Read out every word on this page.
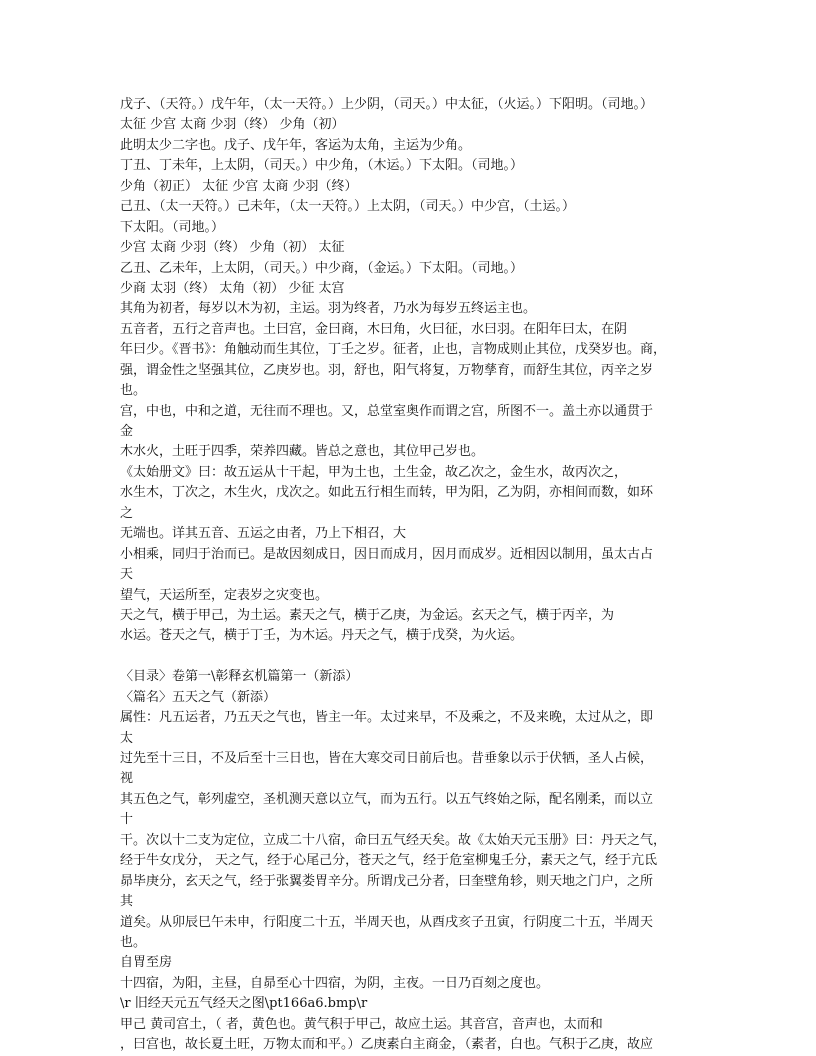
戊子、（天符。）戊午年，（太一天符。）上少阴，（司天。）中太征，（火运。）下阳明。（司地。）
太征 少宫 太商 少羽（终） 少角（初）
此明太少二字也。戊子、戊午年，客运为太角，主运为少角。
丁丑、丁未年，上太阴，（司天。）中少角，（木运。）下太阳。（司地。）
少角（初正） 太征 少宫 太商 少羽（终）
己丑、（太一天符。）己未年，（太一天符。）上太阴，（司天。）中少宫，（土运。）
下太阳。（司地。）
少宫 太商 少羽（终） 少角（初） 太征
乙丑、乙未年，上太阴，（司天。）中少商，（金运。）下太阳。（司地。）
少商 太羽（终） 太角（初） 少征 太宫
其角为初者，每岁以木为初，主运。羽为终者，乃水为每岁五终运主也。
五音者，五行之音声也。土曰宫，金曰商，木曰角，火曰征，水曰羽。在阳年曰太，在阴
年曰少。《晋书》：角触动而生其位，丁壬之岁。征者，止也，言物成则止其位，戊癸岁也。商，
强，谓金性之坚强其位，乙庚岁也。羽，舒也，阳气将复，万物孳育，而舒生其位，丙辛之岁
也。
宫，中也，中和之道，无往而不理也。又，总堂室奥作而谓之宫，所图不一。盖土亦以通贯于
金
木水火，土旺于四季，荣养四藏。皆总之意也，其位甲己岁也。
《太始册文》曰：故五运从十干起，甲为土也，土生金，故乙次之，金生水，故丙次之，
水生木，丁次之，木生火，戊次之。如此五行相生而转，甲为阳，乙为阴，亦相间而数，如环
之
无端也。详其五音、五运之由者，乃上下相召，大
小相乘，同归于治而已。是故因刻成日，因日而成月，因月而成岁。近相因以制用，虽太古占
天
望气，天运所至，定表岁之灾变也。
天之气，横于甲己，为土运。素天之气，横于乙庚，为金运。玄天之气，横于丙辛，为
水运。苍天之气，横于丁壬，为木运。丹天之气，横于戊癸，为火运。
〈目录〉卷第一\彰释玄机篇第一（新添）
〈篇名〉五天之气（新添）
属性：凡五运者，乃五天之气也，皆主一年。太过来早，不及乘之，不及来晚，太过从之，即
太
过先至十三日，不及后至十三日也，皆在大寒交司日前后也。昔垂象以示于伏牺，圣人占候，
视
其五色之气，彰列虚空，圣机测天意以立气，而为五行。以五气终始之际，配名刚柔，而以立
十
干。次以十二支为定位，立成二十八宿，命曰五气经天矣。故《太始天元玉册》曰：丹天之气，
经于牛女戊分， 天之气，经于心尾己分，苍天之气，经于危室柳鬼壬分，素天之气，经于亢氐
昴毕庚分，玄天之气，经于张翼娄胃辛分。所谓戊己分者，曰奎壁角轸，则天地之门户，之所
其
道矣。从卯辰巳午未申，行阳度二十五，半周天也，从酉戌亥子丑寅，行阴度二十五，半周天
也。
自胃至房
十四宿，为阳，主昼，自昴至心十四宿，为阴，主夜。一日乃百刻之度也。
\r 旧经天元五气经天之图\pt166a6.bmp\r
甲己 黄司宫土，（ 者，黄色也。黄气积于甲己，故应土运。其音宫，音声也，太而和
，曰宫也，故长夏土旺，万物太而和平。）乙庚素白主商金，（素者，白也。气积于乙庚，故应
